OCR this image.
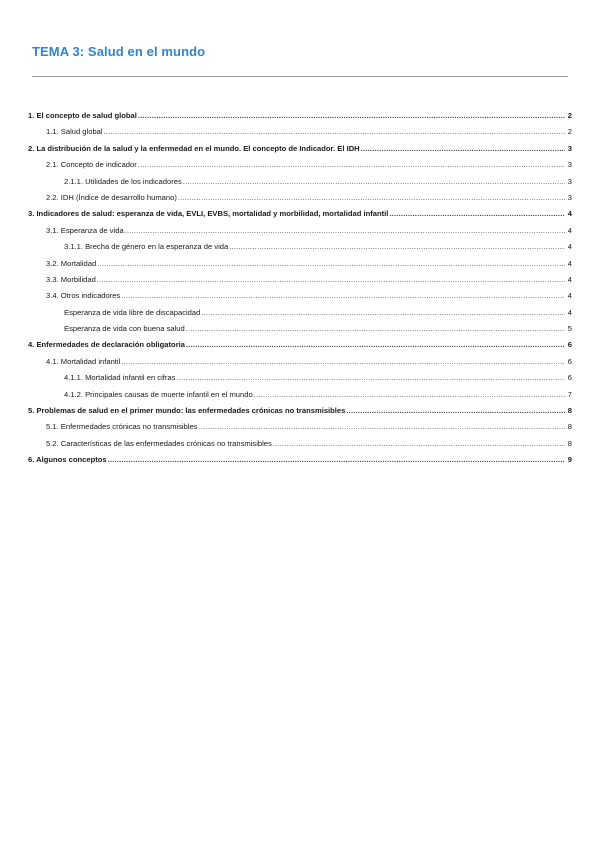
TEMA 3: Salud en el mundo
1. El concepto de salud global .....	2
1.1. Salud global .....	2
2. La distribución de la salud y la enfermedad en el mundo. El concepto de Indicador. El IDH .....	3
2.1. Concepto de indicador .....	3
2.1.1. Utilidades de los indicadores .....	3
2.2. IDH (Índice de desarrollo humano) .....	3
3. Indicadores de salud: esperanza de vida, EVLI, EVBS, mortalidad y morbilidad, mortalidad infantil .....	4
3.1. Esperanza de vida .....	4
3.1.1. Brecha de género en la esperanza de vida .....	4
3.2. Mortalidad .....	4
3.3. Morbilidad .....	4
3.4. Otros indicadores .....	4
Esperanza de vida libre de discapacidad .....	4
Esperanza de vida con buena salud .....	5
4. Enfermedades de declaración obligatoria .....	6
4.1. Mortalidad infantil .....	6
4.1.1. Mortalidad infantil en cifras .....	6
4.1.2. Principales causas de muerte infantil en el mundo .....	7
5. Problemas de salud en el primer mundo: las enfermedades crónicas no transmisibles .....	8
5.1. Enfermedades crónicas no transmisibles .....	8
5.2. Características de las enfermedades crónicas no transmisibles .....	8
6. Algunos conceptos .....	9
